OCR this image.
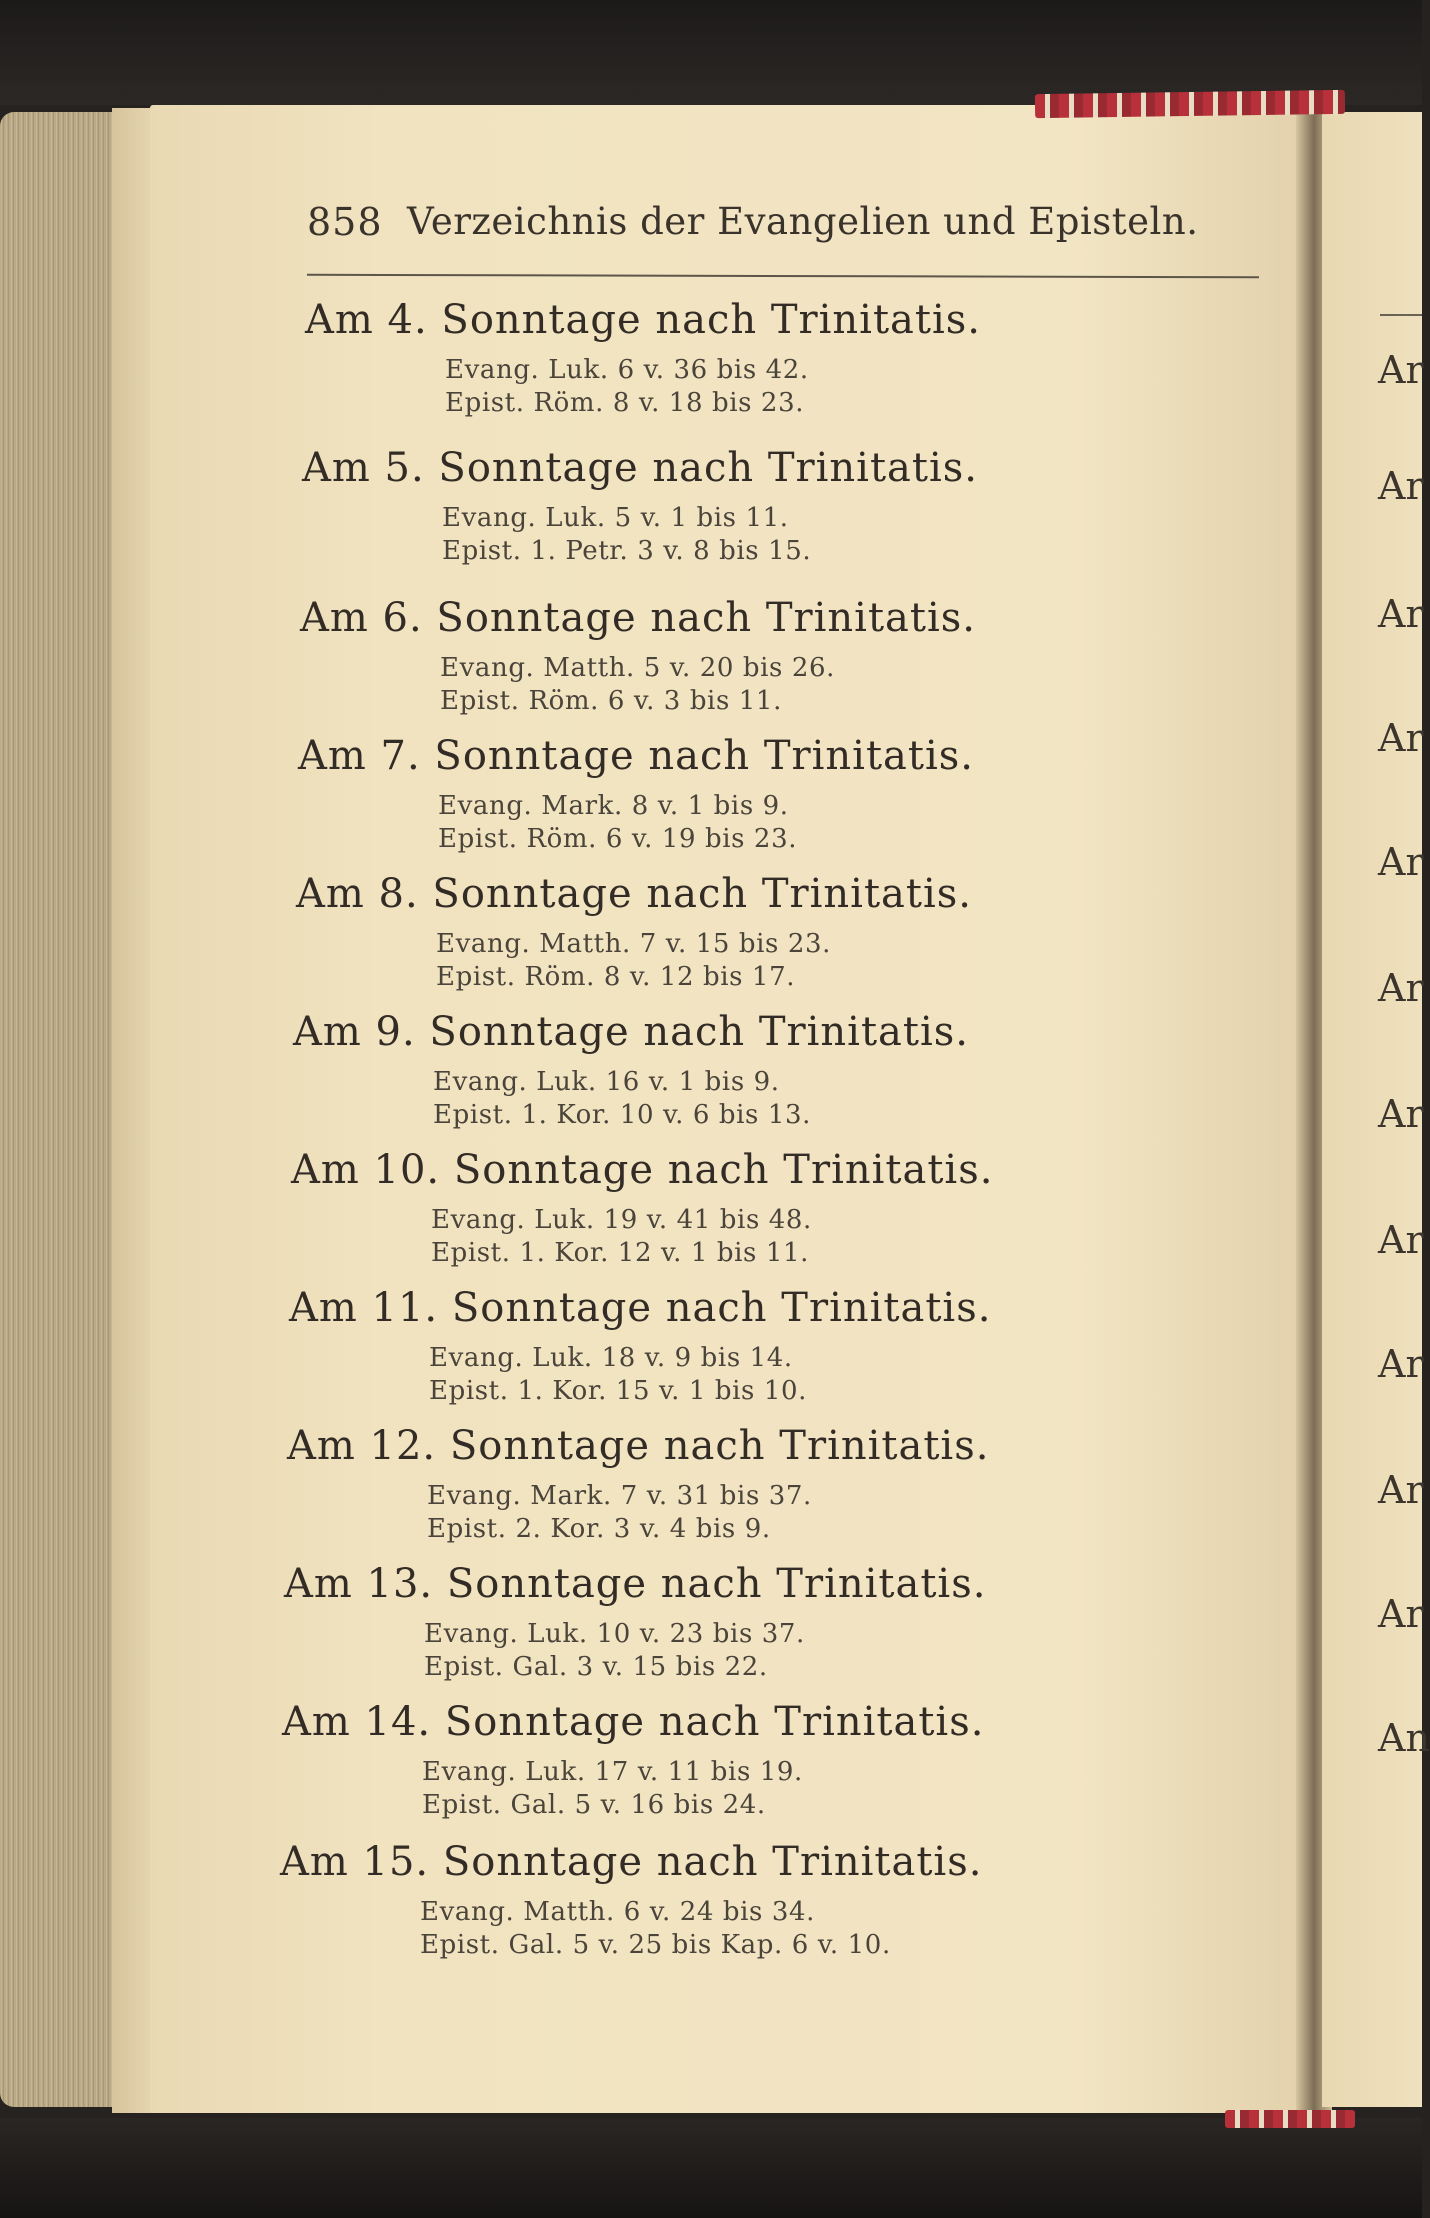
858 Verzeichnis der Evangelien und Episteln.
Am 4. Sonntage nach Trinitatis.
Evang. Luk. 6 v. 36 bis 42.
Epist. Röm. 8 v. 18 bis 23.
Am 5. Sonntage nach Trinitatis.
Evang. Luk. 5 v. 1 bis 11.
Epist. 1. Petr. 3 v. 8 bis 15.
Am 6. Sonntage nach Trinitatis.
Evang. Matth. 5 v. 20 bis 26.
Epist. Röm. 6 v. 3 bis 11.
Am 7. Sonntage nach Trinitatis.
Evang. Mark. 8 v. 1 bis 9.
Epist. Röm. 6 v. 19 bis 23.
Am 8. Sonntage nach Trinitatis.
Evang. Matth. 7 v. 15 bis 23.
Epist. Röm. 8 v. 12 bis 17.
Am 9. Sonntage nach Trinitatis.
Evang. Luk. 16 v. 1 bis 9.
Epist. 1. Kor. 10 v. 6 bis 13.
Am 10. Sonntage nach Trinitatis.
Evang. Luk. 19 v. 41 bis 48.
Epist. 1. Kor. 12 v. 1 bis 11.
Am 11. Sonntage nach Trinitatis.
Evang. Luk. 18 v. 9 bis 14.
Epist. 1. Kor. 15 v. 1 bis 10.
Am 12. Sonntage nach Trinitatis.
Evang. Mark. 7 v. 31 bis 37.
Epist. 2. Kor. 3 v. 4 bis 9.
Am 13. Sonntage nach Trinitatis.
Evang. Luk. 10 v. 23 bis 37.
Epist. Gal. 3 v. 15 bis 22.
Am 14. Sonntage nach Trinitatis.
Evang. Luk. 17 v. 11 bis 19.
Epist. Gal. 5 v. 16 bis 24.
Am 15. Sonntage nach Trinitatis.
Evang. Matth. 6 v. 24 bis 34.
Epist. Gal. 5 v. 25 bis Kap. 6 v. 10.
Ar
Ar
Ar
Ar
Ar
Ar
Ar
Ar
Ar
Ar
Ar
An
